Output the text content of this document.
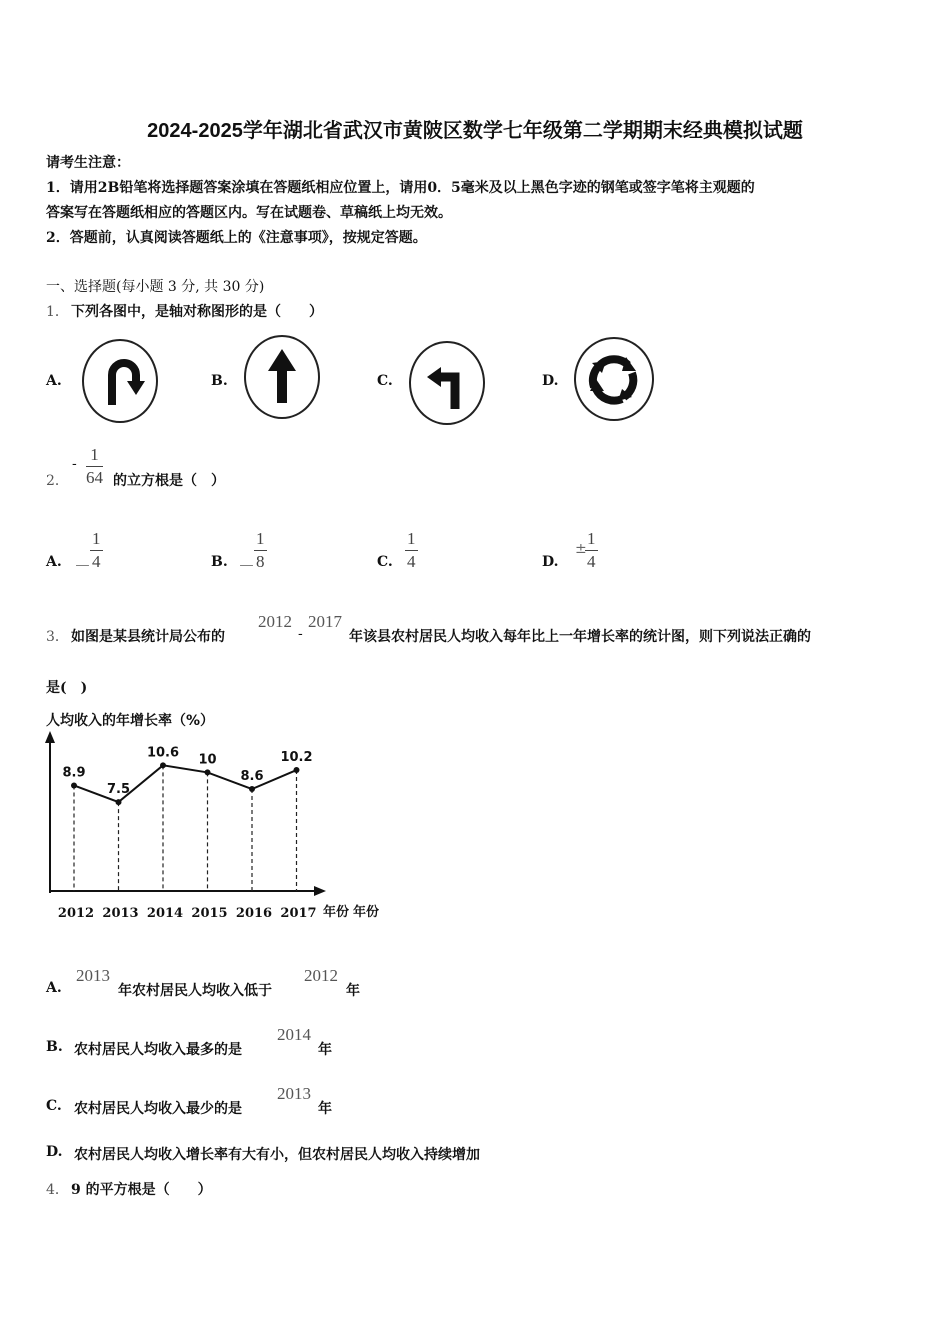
2024-2025学年湖北省武汉市黄陂区数学七年级第二学期期末经典模拟试题
请考生注意：
1．请用2B铅笔将选择题答案涂填在答题纸相应位置上，请用0．5毫米及以上黑色字迹的钢笔或签字笔将主观题的
答案写在答题纸相应的答题区内。写在试题卷、草稿纸上均无效。
2．答题前，认真阅读答题纸上的《注意事项》，按规定答题。
一、选择题(每小题 3 分, 共 30 分)
1． 下列各图中，是轴对称图形的是（　　）
A.	B.	C.	D.
2．
- $\frac{1}{64}$ 的立方根是（　）
A. － $\frac{1}{4}$	B. － $\frac{1}{8}$	C. $\frac{1}{4}$	D.
±
$\frac{1}{4}$
3． 如图是某县统计局公布的
2012
-
2017
年该县农村居民人均收入每年比上一年增长率的统计图，则下列说法正确的
是(　)
人均收入的年增长率（%）
8.9
2012
7.5
2013
10.6
2014
10
2015
8.6
2016
10.2
2017 年份 年份
A.
2013
年农村居民人均收入低于
2012
年
B. 农村居民人均收入最多的是
2014
年
C. 农村居民人均收入最少的是
2013
年
D. 农村居民人均收入增长率有大有小，但农村居民人均收入持续增加
4． 9 的平方根是（　　）
